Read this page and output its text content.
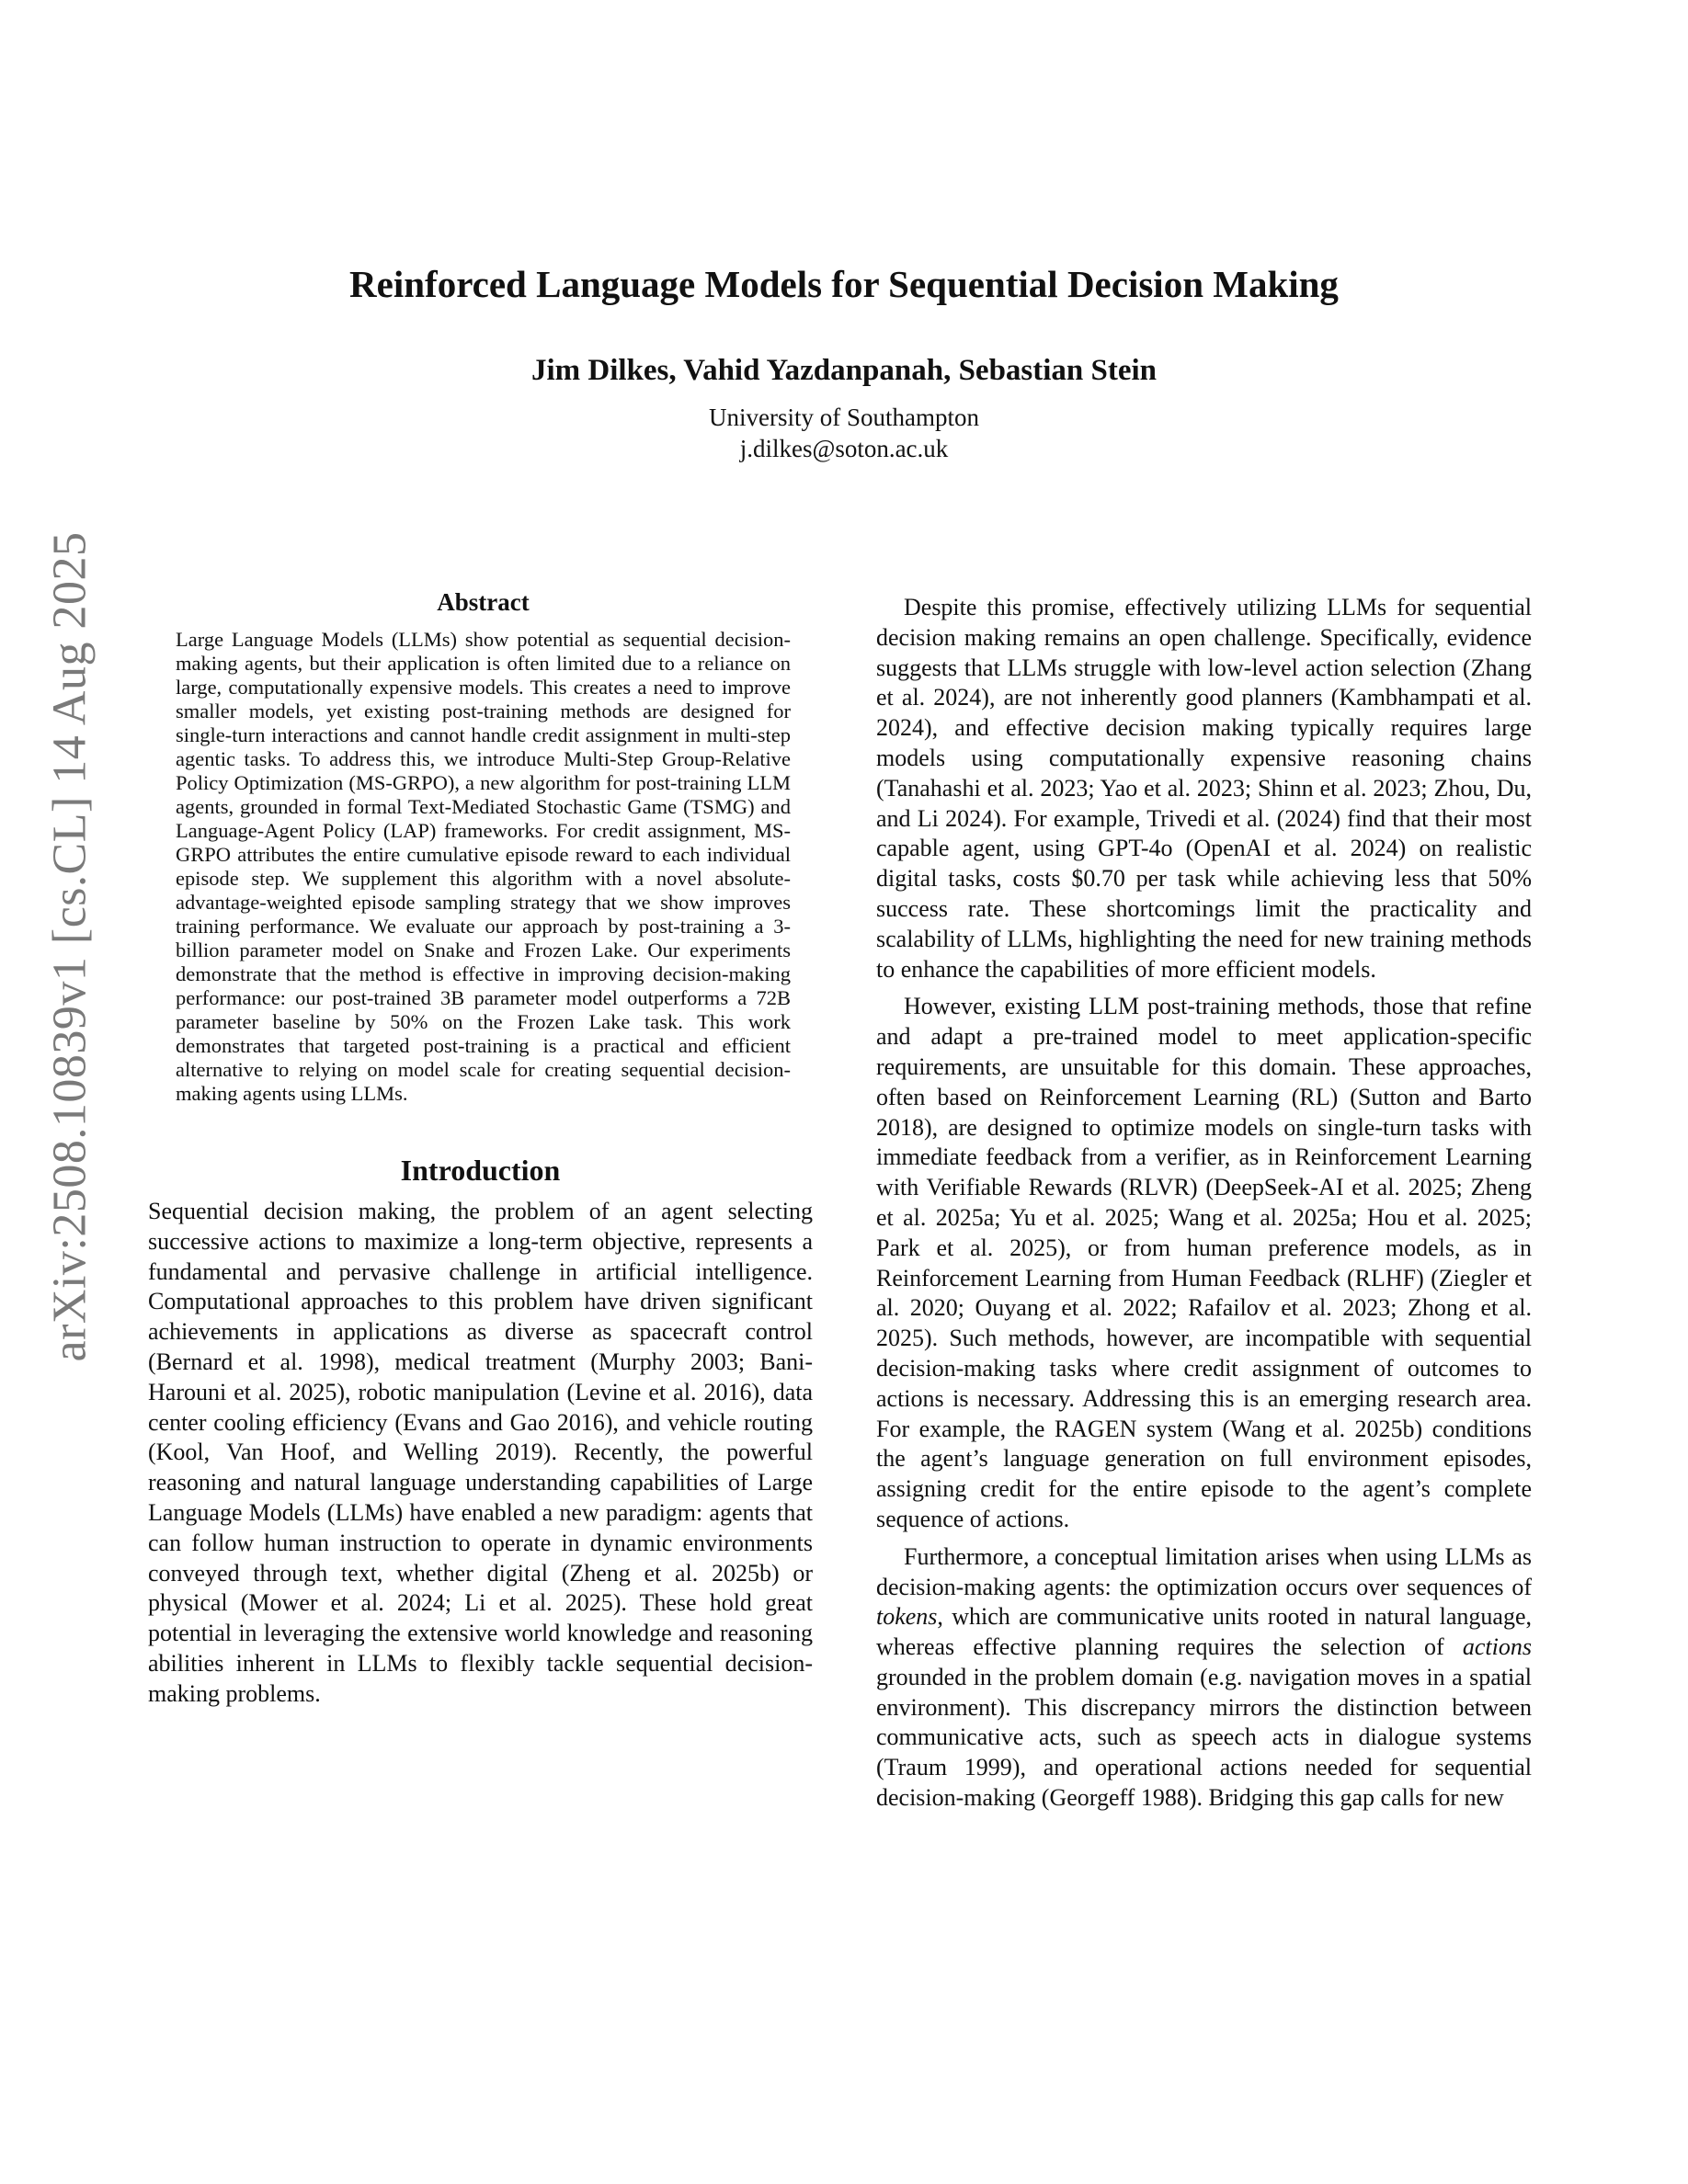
arXiv:2508.10839v1 [cs.CL] 14 Aug 2025
Reinforced Language Models for Sequential Decision Making
Jim Dilkes, Vahid Yazdanpanah, Sebastian Stein
University of Southampton
j.dilkes@soton.ac.uk
Abstract

Large Language Models (LLMs) show potential as sequential decision-making agents, but their application is often limited due to a reliance on large, computationally expensive models. This creates a need to improve smaller models, yet existing post-training methods are designed for single-turn interactions and cannot handle credit assignment in multi-step agentic tasks. To address this, we introduce Multi-Step Group-Relative Policy Optimization (MS-GRPO), a new algorithm for post-training LLM agents, grounded in formal Text-Mediated Stochastic Game (TSMG) and Language-Agent Policy (LAP) frameworks. For credit assignment, MS-GRPO attributes the entire cumulative episode reward to each individual episode step. We supplement this algorithm with a novel absolute-advantage-weighted episode sampling strategy that we show improves training performance. We evaluate our approach by post-training a 3-billion parameter model on Snake and Frozen Lake. Our experiments demonstrate that the method is effective in improving decision-making performance: our post-trained 3B parameter model outperforms a 72B parameter baseline by 50% on the Frozen Lake task. This work demonstrates that targeted post-training is a practical and efficient alternative to relying on model scale for creating sequential decision-making agents using LLMs.

Introduction

Sequential decision making, the problem of an agent selecting successive actions to maximize a long-term objective, represents a fundamental and pervasive challenge in artificial intelligence. Computational approaches to this problem have driven significant achievements in applications as diverse as spacecraft control (Bernard et al. 1998), medical treatment (Murphy 2003; Bani-Harouni et al. 2025), robotic manipulation (Levine et al. 2016), data center cooling efficiency (Evans and Gao 2016), and vehicle routing (Kool, Van Hoof, and Welling 2019). Recently, the powerful reasoning and natural language understanding capabilities of Large Language Models (LLMs) have enabled a new paradigm: agents that can follow human instruction to operate in dynamic environments conveyed through text, whether digital (Zheng et al. 2025b) or physical (Mower et al. 2024; Li et al. 2025). These hold great potential in leveraging the extensive world knowledge and reasoning abilities inherent in LLMs to flexibly tackle sequential decision-making problems.

Despite this promise, effectively utilizing LLMs for sequential decision making remains an open challenge. Specifically, evidence suggests that LLMs struggle with low-level action selection (Zhang et al. 2024), are not inherently good planners (Kambhampati et al. 2024), and effective decision making typically requires large models using computationally expensive reasoning chains (Tanahashi et al. 2023; Yao et al. 2023; Shinn et al. 2023; Zhou, Du, and Li 2024). For example, Trivedi et al. (2024) find that their most capable agent, using GPT-4o (OpenAI et al. 2024) on realistic digital tasks, costs $0.70 per task while achieving less that 50% success rate. These shortcomings limit the practicality and scalability of LLMs, highlighting the need for new training methods to enhance the capabilities of more efficient models.

However, existing LLM post-training methods, those that refine and adapt a pre-trained model to meet application-specific requirements, are unsuitable for this domain. These approaches, often based on Reinforcement Learning (RL) (Sutton and Barto 2018), are designed to optimize models on single-turn tasks with immediate feedback from a verifier, as in Reinforcement Learning with Verifiable Rewards (RLVR) (DeepSeek-AI et al. 2025; Zheng et al. 2025a; Yu et al. 2025; Wang et al. 2025a; Hou et al. 2025; Park et al. 2025), or from human preference models, as in Reinforcement Learning from Human Feedback (RLHF) (Ziegler et al. 2020; Ouyang et al. 2022; Rafailov et al. 2023; Zhong et al. 2025). Such methods, however, are incompatible with sequential decision-making tasks where credit assignment of outcomes to actions is necessary. Addressing this is an emerging research area. For example, the RAGEN system (Wang et al. 2025b) conditions the agent’s language generation on full environment episodes, assigning credit for the entire episode to the agent’s complete sequence of actions.

Furthermore, a conceptual limitation arises when using LLMs as decision-making agents: the optimization occurs over sequences of tokens, which are communicative units rooted in natural language, whereas effective planning requires the selection of actions grounded in the problem domain (e.g. navigation moves in a spatial environment). This discrepancy mirrors the distinction between communicative acts, such as speech acts in dialogue systems (Traum 1999), and operational actions needed for sequential decision-making (Georgeff 1988). Bridging this gap calls for new
